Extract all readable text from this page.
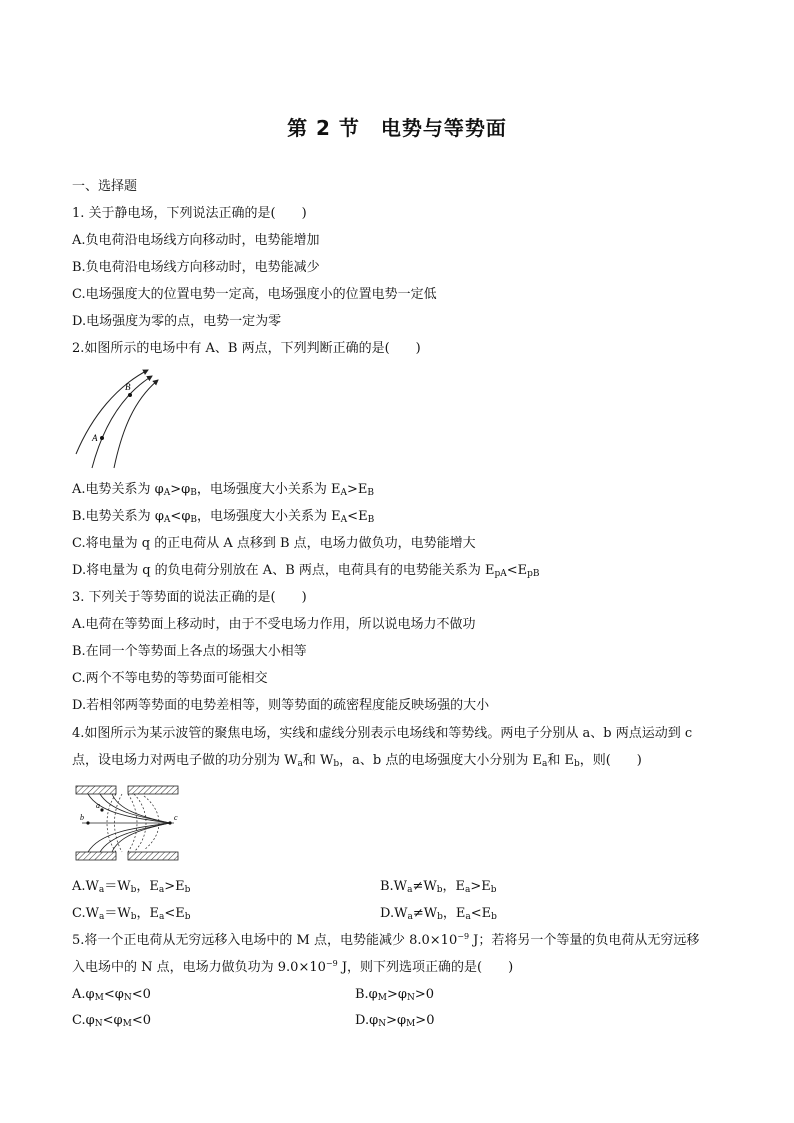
第 2 节　电势与等势面
一、选择题
1. 关于静电场，下列说法正确的是(　　)
A.负电荷沿电场线方向移动时，电势能增加
B.负电荷沿电场线方向移动时，电势能减少
C.电场强度大的位置电势一定高，电场强度小的位置电势一定低
D.电场强度为零的点，电势一定为零
2.如图所示的电场中有 A、B 两点，下列判断正确的是(　　)
A
B
A.电势关系为 $\varphi_A>\varphi_B$，电场强度大小关系为 $E_A>E_B$
B.电势关系为 $\varphi_A<\varphi_B$，电场强度大小关系为 $E_A<E_B$
C.将电量为 q 的正电荷从 A 点移到 B 点，电场力做负功，电势能增大
D.将电量为 q 的负电荷分别放在 A、B 两点，电荷具有的电势能关系为 $E_{pA}<E_{pB}$
3. 下列关于等势面的说法正确的是(　　)
A.电荷在等势面上移动时，由于不受电场力作用，所以说电场力不做功
B.在同一个等势面上各点的场强大小相等
C.两个不等电势的等势面可能相交
D.若相邻两等势面的电势差相等，则等势面的疏密程度能反映场强的大小
4.如图所示为某示波管的聚焦电场，实线和虚线分别表示电场线和等势线。两电子分别从 a、b 两点运动到 c
点，设电场力对两电子做的功分别为 $W_a$和 $W_b$，a、b 点的电场强度大小分别为 $E_a$和 $E_b$，则(　　)
a
b	c
$A.W_a=W_b$，$E_a>E_b$	$B.W_a\ne W_b$，$E_a>E_b$
$C.W_a=W_b$，$E_a<E_b$	$D.W_a\ne W_b$，$E_a<E_b$
5.将一个正电荷从无穷远移入电场中的 M 点，电势能减少 $8.0\times 10^{-9}$ J；若将另一个等量的负电荷从无穷远移
入电场中的 N 点，电场力做负功为 $9.0\times 10^{-9}$ J，则下列选项正确的是(　　)
$A.\varphi_M<\varphi_N<0$	$B.\varphi_M>\varphi_N>0$
$C.\varphi_N<\varphi_M<0$	$D.\varphi_N>\varphi_M>0$
